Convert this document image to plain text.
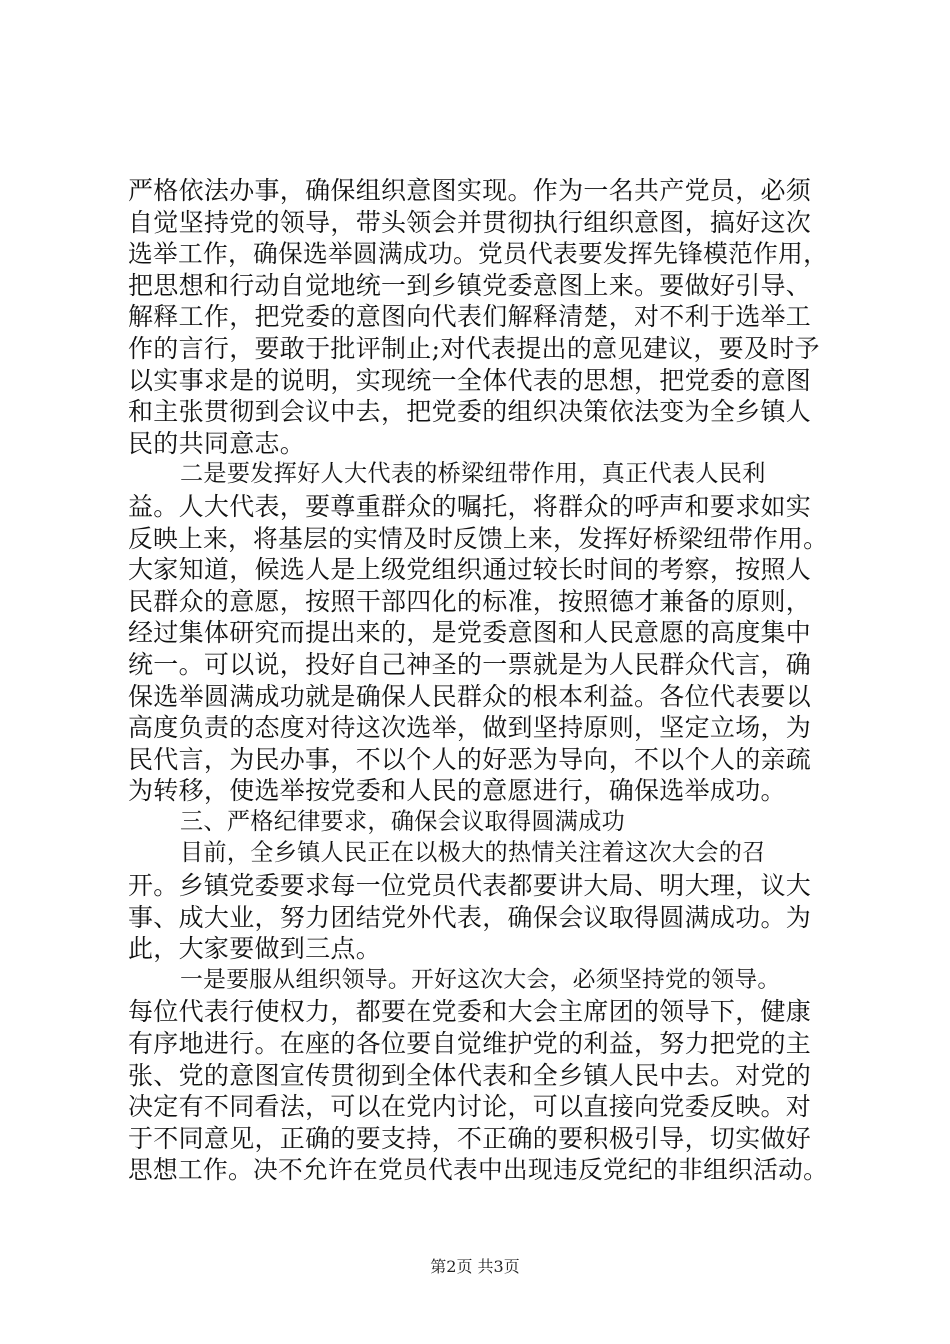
严格依法办事，确保组织意图实现。作为一名共产党员，必须
自觉坚持党的领导，带头领会并贯彻执行组织意图，搞好这次
选举工作，确保选举圆满成功。党员代表要发挥先锋模范作用，
把思想和行动自觉地统一到乡镇党委意图上来。要做好引导、
解释工作，把党委的意图向代表们解释清楚，对不利于选举工
作的言行，要敢于批评制止;对代表提出的意见建议，要及时予
以实事求是的说明，实现统一全体代表的思想，把党委的意图
和主张贯彻到会议中去，把党委的组织决策依法变为全乡镇人
民的共同意志。
二是要发挥好人大代表的桥梁纽带作用，真正代表人民利
益。人大代表，要尊重群众的嘱托，将群众的呼声和要求如实
反映上来，将基层的实情及时反馈上来，发挥好桥梁纽带作用。
大家知道，候选人是上级党组织通过较长时间的考察，按照人
民群众的意愿，按照干部四化的标准，按照德才兼备的原则，
经过集体研究而提出来的，是党委意图和人民意愿的高度集中
统一。可以说，投好自己神圣的一票就是为人民群众代言，确
保选举圆满成功就是确保人民群众的根本利益。各位代表要以
高度负责的态度对待这次选举，做到坚持原则，坚定立场，为
民代言，为民办事，不以个人的好恶为导向，不以个人的亲疏
为转移，使选举按党委和人民的意愿进行，确保选举成功。
三、严格纪律要求，确保会议取得圆满成功
目前，全乡镇人民正在以极大的热情关注着这次大会的召
开。乡镇党委要求每一位党员代表都要讲大局、明大理，议大
事、成大业，努力团结党外代表，确保会议取得圆满成功。为
此，大家要做到三点。
一是要服从组织领导。开好这次大会，必须坚持党的领导。
每位代表行使权力，都要在党委和大会主席团的领导下，健康
有序地进行。在座的各位要自觉维护党的利益，努力把党的主
张、党的意图宣传贯彻到全体代表和全乡镇人民中去。对党的
决定有不同看法，可以在党内讨论，可以直接向党委反映。对
于不同意见，正确的要支持，不正确的要积极引导，切实做好
思想工作。决不允许在党员代表中出现违反党纪的非组织活动。
第2页 共3页
